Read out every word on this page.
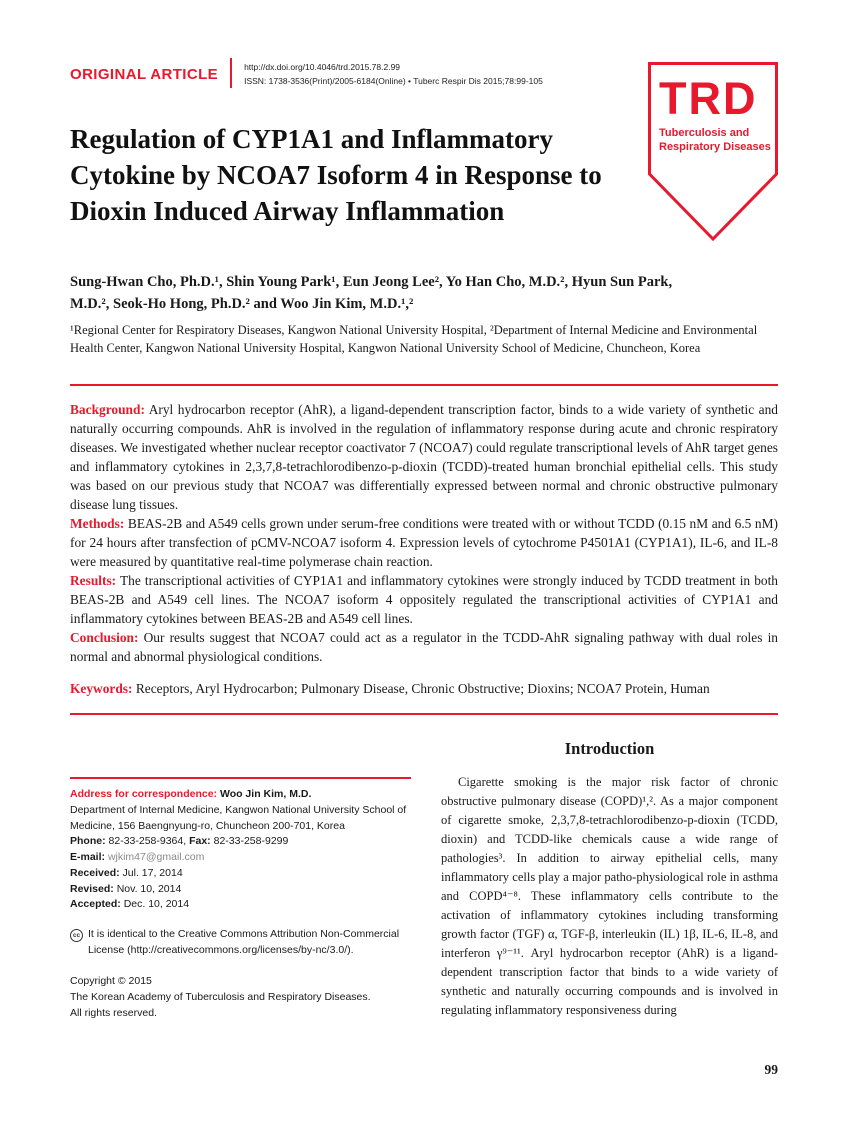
ORIGINAL ARTICLE	http://dx.doi.org/10.4046/trd.2015.78.2.99
ISSN: 1738-3536(Print)/2005-6184(Online) • Tuberc Respir Dis 2015;78:99-105	TRD
Tuberculosis and
Respiratory Diseases
Regulation of CYP1A1 and Inflammatory
Cytokine by NCOA7 Isoform 4 in Response to
Dioxin Induced Airway Inflammation
Sung-Hwan Cho, Ph.D.¹, Shin Young Park¹, Eun Jeong Lee², Yo Han Cho, M.D.², Hyun Sun Park,
M.D.², Seok-Ho Hong, Ph.D.² and Woo Jin Kim, M.D.¹,²
¹Regional Center for Respiratory Diseases, Kangwon National University Hospital, ²Department of Internal Medicine and Environmental Health Center, Kangwon National University Hospital, Kangwon National University School of Medicine, Chuncheon, Korea

Background: Aryl hydrocarbon receptor (AhR), a ligand-dependent transcription factor, binds to a wide variety of synthetic and naturally occurring compounds. AhR is involved in the regulation of inflammatory response during acute and chronic respiratory diseases. We investigated whether nuclear receptor coactivator 7 (NCOA7) could regulate transcriptional levels of AhR target genes and inflammatory cytokines in 2,3,7,8-tetrachlorodibenzo-p-dioxin (TCDD)-treated human bronchial epithelial cells. This study was based on our previous study that NCOA7 was differentially expressed between normal and chronic obstructive pulmonary disease lung tissues.

Methods: BEAS-2B and A549 cells grown under serum-free conditions were treated with or without TCDD (0.15 nM and 6.5 nM) for 24 hours after transfection of pCMV-NCOA7 isoform 4. Expression levels of cytochrome P4501A1 (CYP1A1), IL-6, and IL-8 were measured by quantitative real-time polymerase chain reaction.

Results: The transcriptional activities of CYP1A1 and inflammatory cytokines were strongly induced by TCDD treatment in both BEAS-2B and A549 cell lines. The NCOA7 isoform 4 oppositely regulated the transcriptional activities of CYP1A1 and inflammatory cytokines between BEAS-2B and A549 cell lines.

Conclusion: Our results suggest that NCOA7 could act as a regulator in the TCDD-AhR signaling pathway with dual roles in normal and abnormal physiological conditions.

Keywords: Receptors, Aryl Hydrocarbon; Pulmonary Disease, Chronic Obstructive; Dioxins; NCOA7 Protein, Human

Address for correspondence: Woo Jin Kim, M.D.
Department of Internal Medicine, Kangwon National University School of Medicine, 156 Baengnyung-ro, Chuncheon 200-701, Korea
Phone: 82-33-258-9364, Fax: 82-33-258-9299
E-mail: wjkim47@gmail.com
Received: Jul. 17, 2014
Revised: Nov. 10, 2014
Accepted: Dec. 10, 2014
cc It is identical to the Creative Commons Attribution Non-Commercial License (http://creativecommons.org/licenses/by-nc/3.0/).
Copyright © 2015
The Korean Academy of Tuberculosis and Respiratory Diseases.
All rights reserved.
Introduction

Cigarette smoking is the major risk factor of chronic obstructive pulmonary disease (COPD)¹,². As a major component of cigarette smoke, 2,3,7,8-tetrachlorodibenzo-p-dioxin (TCDD, dioxin) and TCDD-like chemicals cause a wide range of pathologies³. In addition to airway epithelial cells, many inflammatory cells play a major patho-physiological role in asthma and COPD⁴⁻⁸. These inflammatory cells contribute to the activation of inflammatory cytokines including transforming growth factor (TGF) α, TGF-β, interleukin (IL) 1β, IL-6, IL-8, and interferon γ⁹⁻¹¹. Aryl hydrocarbon receptor (AhR) is a ligand-dependent transcription factor that binds to a wide variety of synthetic and naturally occurring compounds and is involved in regulating inflammatory responsiveness during

99
